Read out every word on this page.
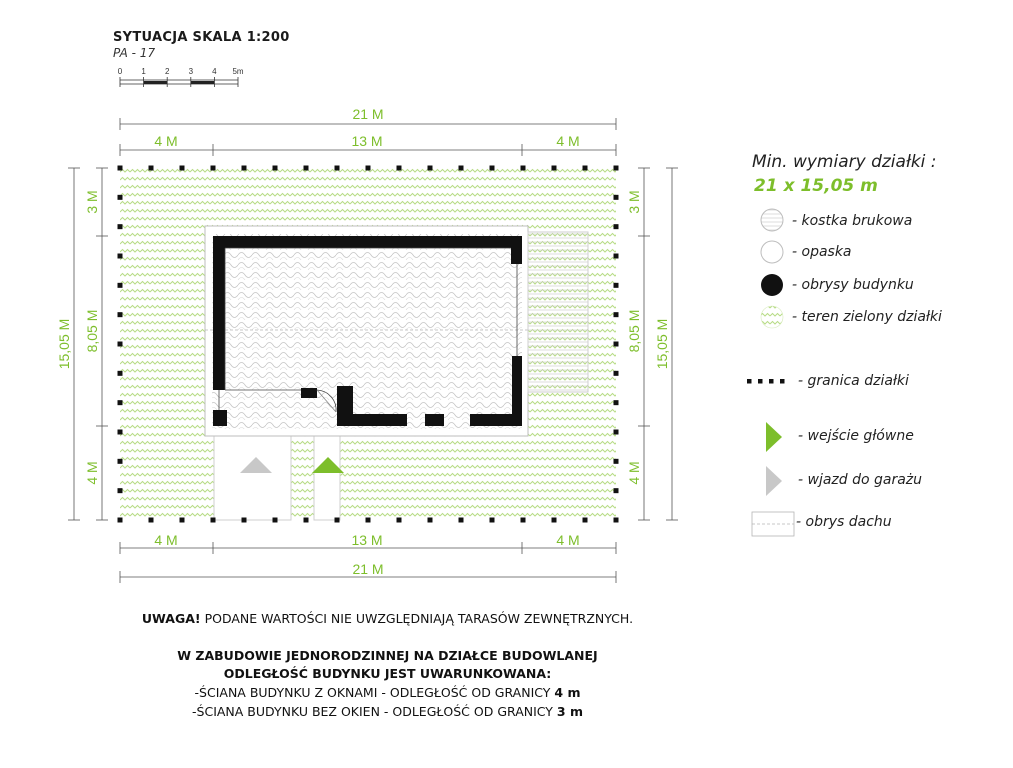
21 M
4 M	13 M	4 M
4 M	13 M	4 M
21 M
15,05 M
3 M
8,05 M
4 M
3 M
8,05 M
4 M
15,05 M
0 1 2 3 4 5m
SYTUACJA SKALA 1:200
PA - 17
Min. wymiary działki :
21 x 15,05 m
- kostka brukowa
- opaska
- obrysy budynku
- teren zielony działki
- granica działki
- wejście główne
- wjazd do garażu
- obrys dachu
UWAGA! PODANE WARTOŚCI NIE UWZGLĘDNIAJĄ TARASÓW ZEWNĘTRZNYCH.
W ZABUDOWIE JEDNORODZINNEJ NA DZIAŁCE BUDOWLANEJ
ODLEGŁOŚĆ BUDYNKU JEST UWARUNKOWANA:
-ŚCIANA BUDYNKU Z OKNAMI - ODLEGŁOŚĆ OD GRANICY 4 m
-ŚCIANA BUDYNKU BEZ OKIEN - ODLEGŁOŚĆ OD GRANICY 3 m
